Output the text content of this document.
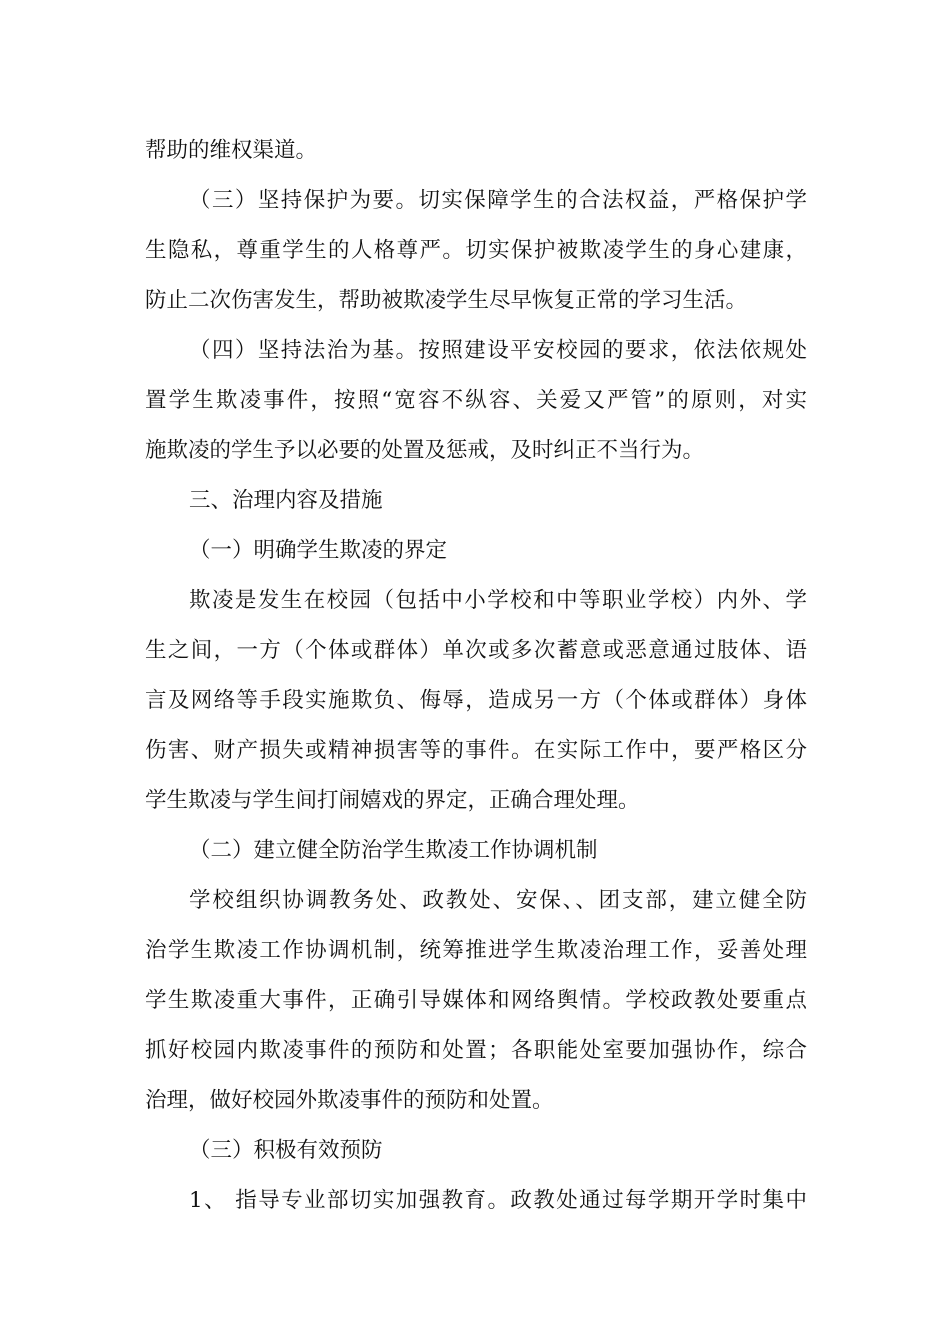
帮助的维权渠道。
（三）坚持保护为要。切实保障学生的合法权益，严格保护学
生隐私，尊重学生的人格尊严。切实保护被欺凌学生的身心建康，
防止二次伤害发生，帮助被欺凌学生尽早恢复正常的学习生活。
（四）坚持法治为基。按照建设平安校园的要求，依法依规处
置学生欺凌事件，按照“宽容不纵容、关爱又严管”的原则，对实
施欺凌的学生予以必要的处置及惩戒，及时纠正不当行为。
三、治理内容及措施
（一）明确学生欺凌的界定
欺凌是发生在校园（包括中小学校和中等职业学校）内外、学
生之间，一方（个体或群体）单次或多次蓄意或恶意通过肢体、语
言及网络等手段实施欺负、侮辱，造成另一方（个体或群体）身体
伤害、财产损失或精神损害等的事件。在实际工作中，要严格区分
学生欺凌与学生间打闹嬉戏的界定，正确合理处理。
（二）建立健全防治学生欺凌工作协调机制
学校组织协调教务处、政教处、安保、、团支部，建立健全防
治学生欺凌工作协调机制，统筹推进学生欺凌治理工作，妥善处理
学生欺凌重大事件，正确引导媒体和网络舆情。学校政教处要重点
抓好校园内欺凌事件的预防和处置；各职能处室要加强协作，综合
治理，做好校园外欺凌事件的预防和处置。
（三）积极有效预防
1、 指导专业部切实加强教育。政教处通过每学期开学时集中
